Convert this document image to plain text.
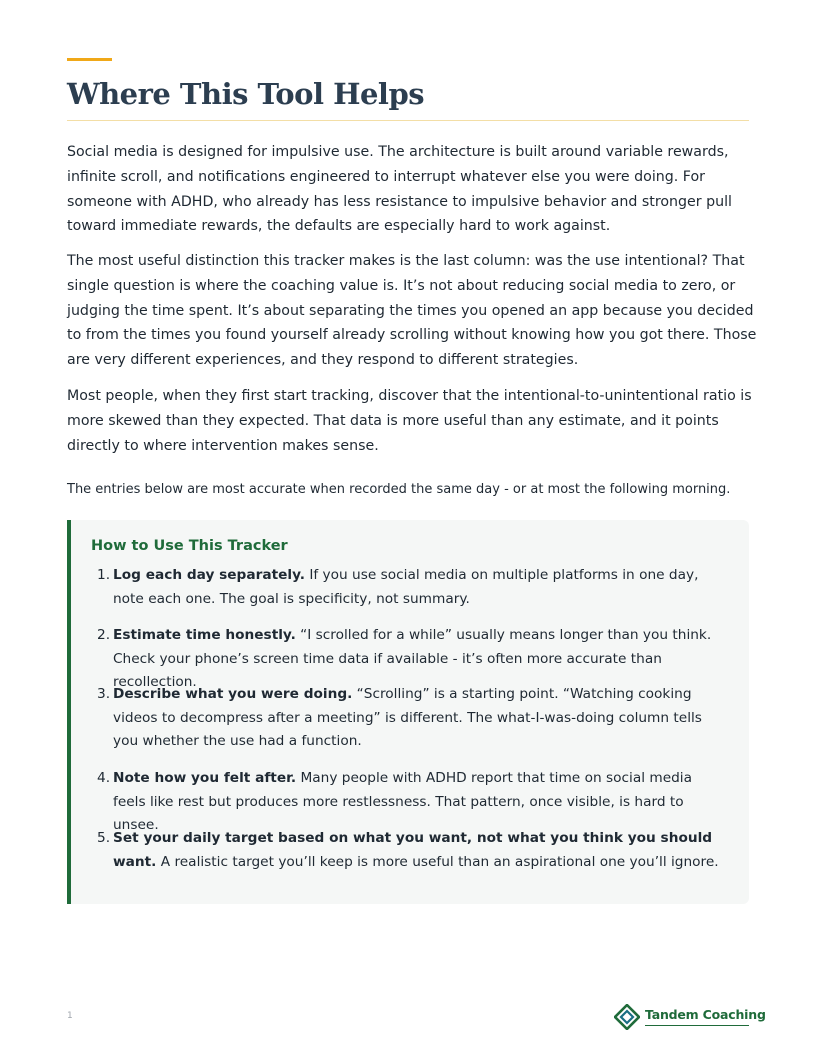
Where This Tool Helps

Social media is designed for impulsive use. The architecture is built around variable rewards, infinite scroll, and notifications engineered to interrupt whatever else you were doing. For someone with ADHD, who already has less resistance to impulsive behavior and stronger pull toward immediate rewards, the defaults are especially hard to work against.

The most useful distinction this tracker makes is the last column: was the use intentional? That single question is where the coaching value is. It’s not about reducing social media to zero, or judging the time spent. It’s about separating the times you opened an app because you decided to from the times you found yourself already scrolling without knowing how you got there. Those are very different experiences, and they respond to different strategies.

Most people, when they first start tracking, discover that the intentional-to-unintentional ratio is more skewed than they expected. That data is more useful than any estimate, and it points directly to where intervention makes sense.

The entries below are most accurate when recorded the same day - or at most the following morning.

How to Use This Tracker
1. Log each day separately. If you use social media on multiple platforms in one day, note each one. The goal is specificity, not summary.
2. Estimate time honestly. “I scrolled for a while” usually means longer than you think. Check your phone’s screen time data if available - it’s often more accurate than recollection.
3. Describe what you were doing. “Scrolling” is a starting point. “Watching cooking videos to decompress after a meeting” is different. The what-I-was-doing column tells you whether the use had a function.
4. Note how you felt after. Many people with ADHD report that time on social media feels like rest but produces more restlessness. That pattern, once visible, is hard to unsee.
5. Set your daily target based on what you want, not what you think you should want. A realistic target you’ll keep is more useful than an aspirational one you’ll ignore.
1	Tandem Coaching
